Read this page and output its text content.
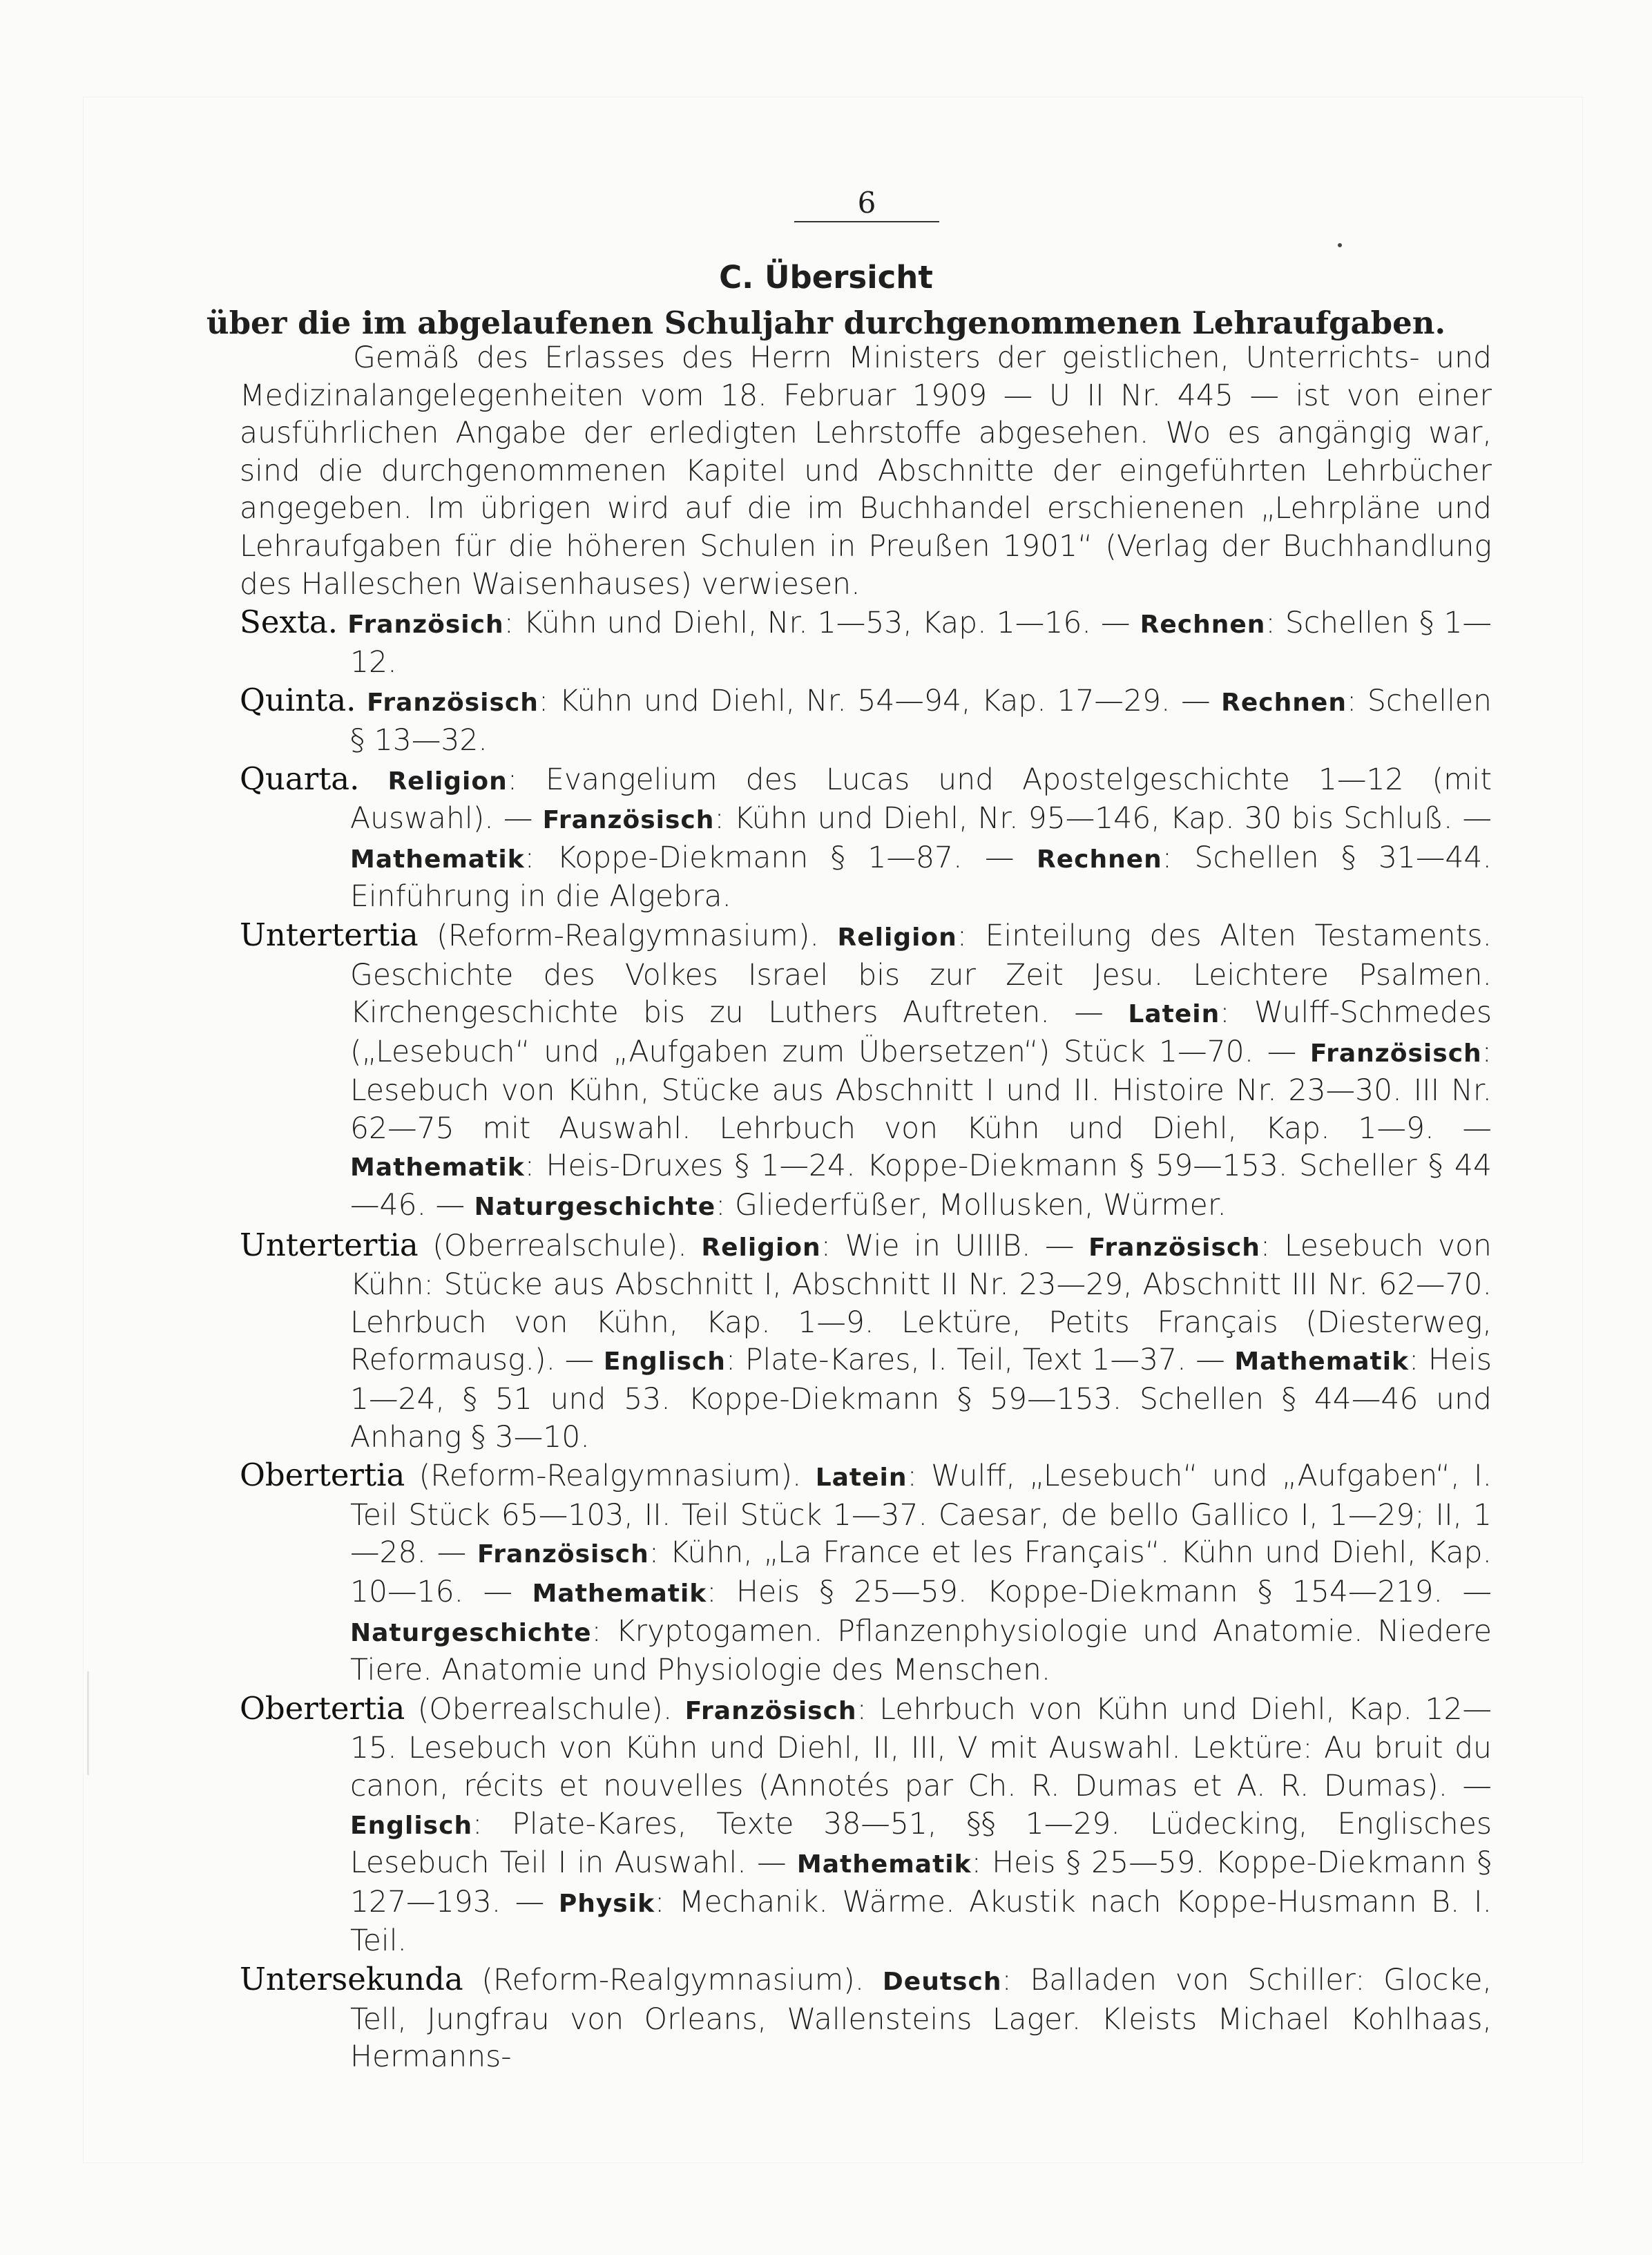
6
C. Übersicht
über die im abgelaufenen Schuljahr durchgenommenen Lehraufgaben.

Gemäß des Erlasses des Herrn Ministers der geistlichen, Unterrichts- und Medizinalangelegenheiten vom 18. Februar 1909 — U II Nr. 445 — ist von einer ausführlichen Angabe der erledigten Lehrstoffe abgesehen. Wo es angängig war, sind die durchgenommenen Kapitel und Abschnitte der eingeführten Lehrbücher angegeben. Im übrigen wird auf die im Buchhandel erschienenen „Lehrpläne und Lehraufgaben für die höheren Schulen in Preußen 1901“ (Verlag der Buchhandlung des Halleschen Waisenhauses) verwiesen.

Sexta. Französich: Kühn und Diehl, Nr. 1—53, Kap. 1—16. — Rechnen: Schellen § 1—12.

Quinta. Französisch: Kühn und Diehl, Nr. 54—94, Kap. 17—29. — Rechnen: Schellen § 13—32.

Quarta. Religion: Evangelium des Lucas und Apostelgeschichte 1—12 (mit Auswahl). — Französisch: Kühn und Diehl, Nr. 95—146, Kap. 30 bis Schluß. — Mathematik: Koppe-Diekmann § 1—87. — Rechnen: Schellen § 31—44. Einführung in die Algebra.

Untertertia (Reform-Realgymnasium). Religion: Einteilung des Alten Testaments. Geschichte des Volkes Israel bis zur Zeit Jesu. Leichtere Psalmen. Kirchengeschichte bis zu Luthers Auftreten. — Latein: Wulff-Schmedes („Lesebuch“ und „Aufgaben zum Übersetzen“) Stück 1—70. — Französisch: Lesebuch von Kühn, Stücke aus Abschnitt I und II. Histoire Nr. 23—30. III Nr. 62—75 mit Auswahl. Lehrbuch von Kühn und Diehl, Kap. 1—9. — Mathematik: Heis-Druxes § 1—24. Koppe-Diekmann § 59—153. Scheller § 44—46. — Naturgeschichte: Gliederfüßer, Mollusken, Würmer.

Untertertia (Oberrealschule). Religion: Wie in UIIIB. — Französisch: Lesebuch von Kühn: Stücke aus Abschnitt I, Abschnitt II Nr. 23—29, Abschnitt III Nr. 62—70. Lehrbuch von Kühn, Kap. 1—9. Lektüre, Petits Français (Diesterweg, Reformausg.). — Englisch: Plate-Kares, I. Teil, Text 1—37. — Mathematik: Heis 1—24, § 51 und 53. Koppe-Diekmann § 59—153. Schellen § 44—46 und Anhang § 3—10.

Obertertia (Reform-Realgymnasium). Latein: Wulff, „Lesebuch“ und „Aufgaben“, I. Teil Stück 65—103, II. Teil Stück 1—37. Caesar, de bello Gallico I, 1—29; II, 1—28. — Französisch: Kühn, „La France et les Français“. Kühn und Diehl, Kap. 10—16. — Mathematik: Heis § 25—59. Koppe-Diekmann § 154—219. — Naturgeschichte: Kryptogamen. Pflanzenphysiologie und Anatomie. Niedere Tiere. Anatomie und Physiologie des Menschen.

Obertertia (Oberrealschule). Französisch: Lehrbuch von Kühn und Diehl, Kap. 12—15. Lesebuch von Kühn und Diehl, II, III, V mit Auswahl. Lektüre: Au bruit du canon, récits et nouvelles (Annotés par Ch. R. Dumas et A. R. Dumas). — Englisch: Plate-Kares, Texte 38—51, §§ 1—29. Lüdecking, Englisches Lesebuch Teil I in Auswahl. — Mathematik: Heis § 25—59. Koppe-Diekmann § 127—193. — Physik: Mechanik. Wärme. Akustik nach Koppe-Husmann B. I. Teil.

Untersekunda (Reform-Realgymnasium). Deutsch: Balladen von Schiller: Glocke, Tell, Jungfrau von Orleans, Wallensteins Lager. Kleists Michael Kohlhaas, Hermanns-
